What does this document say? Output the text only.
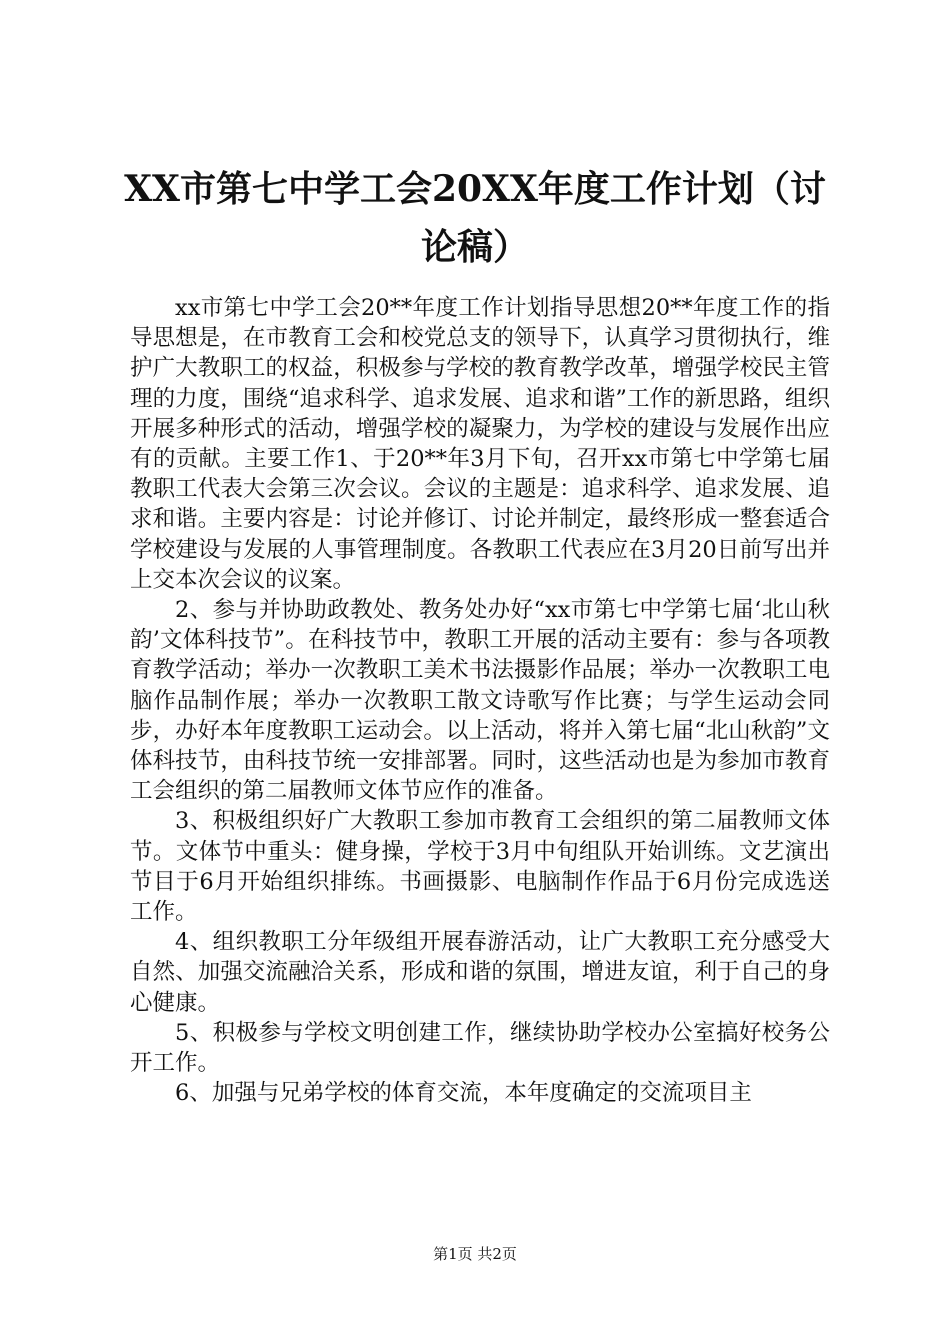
XX市第七中学工会20XX年度工作计划（讨论稿）

xx市第七中学工会20**年度工作计划指导思想20**年度工作的指导思想是，在市教育工会和校党总支的领导下，认真学习贯彻执行，维护广大教职工的权益，积极参与学校的教育教学改革，增强学校民主管理的力度，围绕“追求科学、追求发展、追求和谐”工作的新思路，组织开展多种形式的活动，增强学校的凝聚力，为学校的建设与发展作出应有的贡献。主要工作1、于20**年3月下旬，召开xx市第七中学第七届教职工代表大会第三次会议。会议的主题是：追求科学、追求发展、追求和谐。主要内容是：讨论并修订、讨论并制定，最终形成一整套适合学校建设与发展的人事管理制度。各教职工代表应在3月20日前写出并上交本次会议的议案。

2、参与并协助政教处、教务处办好“xx市第七中学第七届‘北山秋韵’文体科技节”。在科技节中，教职工开展的活动主要有：参与各项教育教学活动；举办一次教职工美术书法摄影作品展；举办一次教职工电脑作品制作展；举办一次教职工散文诗歌写作比赛；与学生运动会同步，办好本年度教职工运动会。以上活动，将并入第七届“北山秋韵”文体科技节，由科技节统一安排部署。同时，这些活动也是为参加市教育工会组织的第二届教师文体节应作的准备。

3、积极组织好广大教职工参加市教育工会组织的第二届教师文体节。文体节中重头：健身操，学校于3月中旬组队开始训练。文艺演出节目于6月开始组织排练。书画摄影、电脑制作作品于6月份完成选送工作。

4、组织教职工分年级组开展春游活动，让广大教职工充分感受大自然、加强交流融洽关系，形成和谐的氛围，增进友谊，利于自己的身心健康。

5、积极参与学校文明创建工作，继续协助学校办公室搞好校务公开工作。

6、加强与兄弟学校的体育交流，本年度确定的交流项目主

第1页 共2页
